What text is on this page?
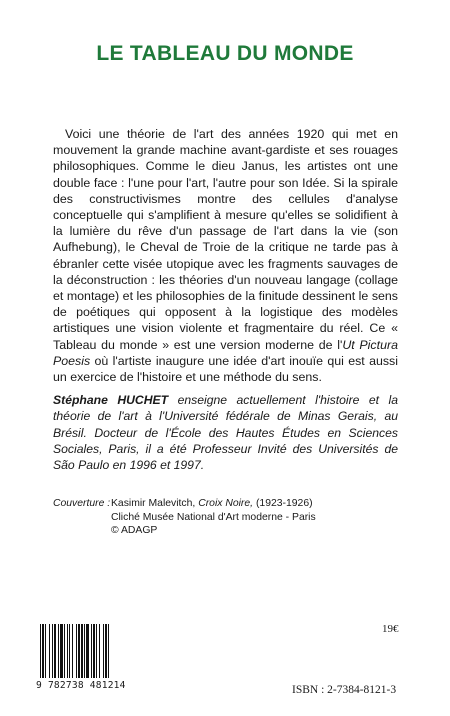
LE TABLEAU DU MONDE

Voici une théorie de l'art des années 1920 qui met en mouvement la grande machine avant-gardiste et ses rouages philosophiques. Comme le dieu Janus, les artistes ont une double face : l'une pour l'art, l'autre pour son Idée. Si la spirale des constructivismes montre des cellules d'analyse conceptuelle qui s'amplifient à mesure qu'elles se solidifient à la lumière du rêve d'un passage de l'art dans la vie (son Aufhebung), le Cheval de Troie de la critique ne tarde pas à ébranler cette visée utopique avec les fragments sauvages de la déconstruction : les théories d'un nouveau langage (collage et montage) et les philosophies de la finitude dessinent le sens de poétiques qui opposent à la logistique des modèles artistiques une vision violente et fragmentaire du réel. Ce « Tableau du monde » est une version moderne de l'Ut Pictura Poesis où l'artiste inaugure une idée d'art inouïe qui est aussi un exercice de l'histoire et une méthode du sens.

Stéphane HUCHET enseigne actuellement l'histoire et la théorie de l'art à l'Université fédérale de Minas Gerais, au Brésil. Docteur de l'École des Hautes Études en Sciences Sociales, Paris, il a été Professeur Invité des Universités de São Paulo en 1996 et 1997.
Couverture : Kasimir Malevitch, Croix Noire, (1923-1926)
Cliché Musée National d'Art moderne - Paris
© ADAGP
19€
9 782738 481214	ISBN : 2-7384-8121-3
